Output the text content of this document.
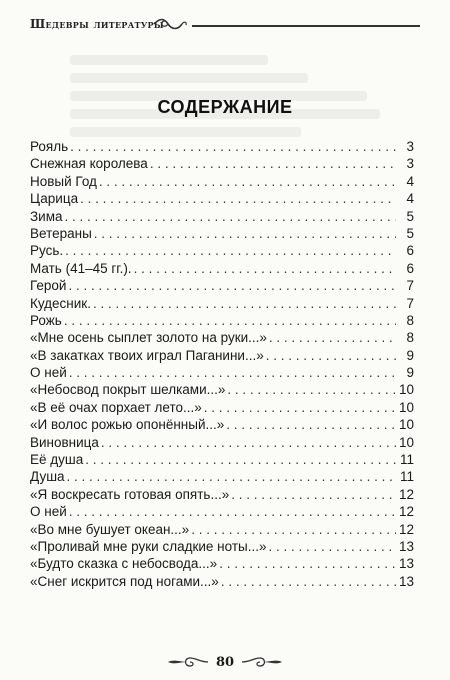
Шедевры литературы
СОДЕРЖАНИЕ
Рояль . . .	3
Снежная королева . . .	3
Новый Год . . .	4
Царица . . .	4
Зима . . .	5
Ветераны . . .	5
Русь. . . .	6
Мать (41–45 гг.). . . .	6
Герой . . .	7
Кудесник. . . .	7
Рожь . . .	8
«Мне осень сыплет золото на руки...» . . .	8
«В закатках твоих играл Паганини...» . . .	9
О ней . . .	9
«Небосвод покрыт шелками...» . . .	10
«В её очах порхает лето...» . . .	10
«И волос рожью опонённый...» . . .	10
Виновница . . .	10
Её душа . . .	11
Душа . . .	11
«Я воскресать готовая опять...» . . .	12
О ней . . .	12
«Во мне бушует океан...» . . .	12
«Проливай мне руки сладкие ноты...» . . .	13
«Будто сказка с небосвода...» . . .	13
«Снег искрится под ногами...» . . .	13
80
